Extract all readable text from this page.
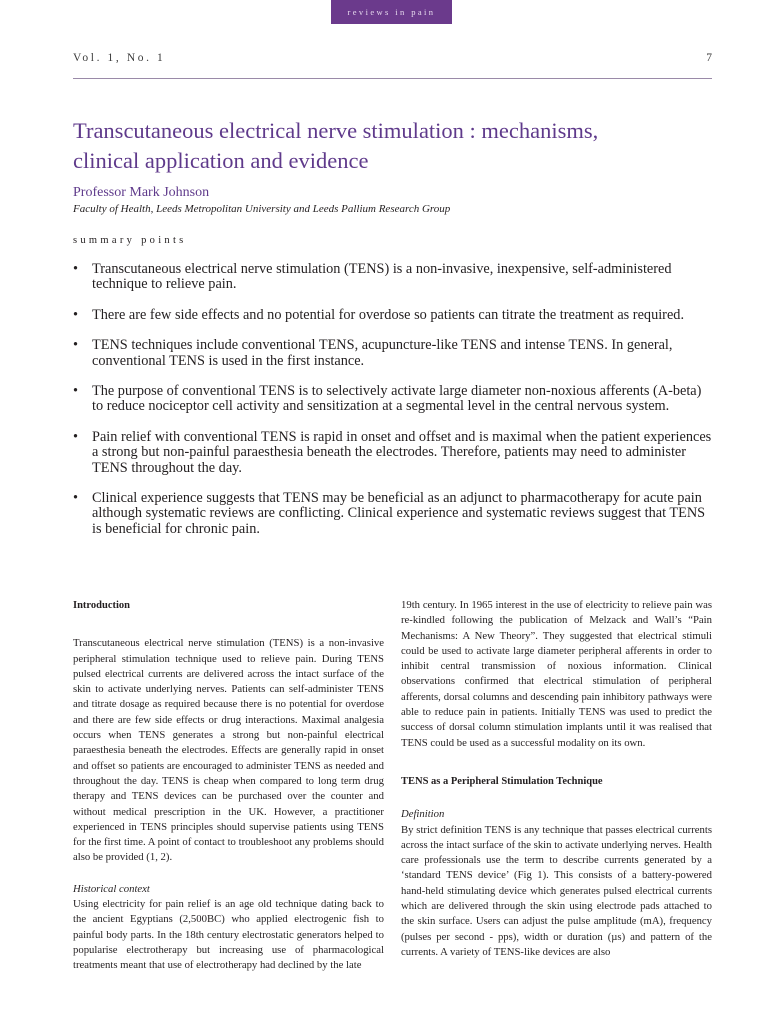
reviews in pain
Vol. 1, No. 1	7
Transcutaneous electrical nerve stimulation : mechanisms,
clinical application and evidence
Professor Mark Johnson
Faculty of Health, Leeds Metropolitan University and Leeds Pallium Research Group
summary points
• Transcutaneous electrical nerve stimulation (TENS) is a non-invasive, inexpensive, self-administered technique to relieve pain.
• There are few side effects and no potential for overdose so patients can titrate the treatment as required.
• TENS techniques include conventional TENS, acupuncture-like TENS and intense TENS. In general, conventional TENS is used in the first instance.
• The purpose of conventional TENS is to selectively activate large diameter non-noxious afferents (A-beta) to reduce nociceptor cell activity and sensitization at a segmental level in the central nervous system.
• Pain relief with conventional TENS is rapid in onset and offset and is maximal when the patient experiences a strong but non-painful paraesthesia beneath the electrodes. Therefore, patients may need to administer TENS throughout the day.
• Clinical experience suggests that TENS may be beneficial as an adjunct to pharmacotherapy for acute pain although systematic reviews are conflicting. Clinical experience and systematic reviews suggest that TENS is beneficial for chronic pain.

Introduction

Transcutaneous electrical nerve stimulation (TENS) is a non-invasive peripheral stimulation technique used to relieve pain. During TENS pulsed electrical currents are delivered across the intact surface of the skin to activate underlying nerves. Patients can self-administer TENS and titrate dosage as required because there is no potential for overdose and there are few side effects or drug interactions. Maximal analgesia occurs when TENS generates a strong but non-painful electrical paraesthesia beneath the electrodes. Effects are generally rapid in onset and offset so patients are encouraged to administer TENS as needed and throughout the day. TENS is cheap when compared to long term drug therapy and TENS devices can be purchased over the counter and without medical prescription in the UK. However, a practitioner experienced in TENS principles should supervise patients using TENS for the first time. A point of contact to troubleshoot any problems should also be provided (1, 2).

Historical context

Using electricity for pain relief is an age old technique dating back to the ancient Egyptians (2,500BC) who applied electrogenic fish to painful body parts. In the 18th century electrostatic generators helped to popularise electrotherapy but increasing use of pharmacological treatments meant that use of electrotherapy had declined by the late

19th century. In 1965 interest in the use of electricity to relieve pain was re-kindled following the publication of Melzack and Wall’s “Pain Mechanisms: A New Theory”. They suggested that electrical stimuli could be used to activate large diameter peripheral afferents in order to inhibit central transmission of noxious information. Clinical observations confirmed that electrical stimulation of peripheral afferents, dorsal columns and descending pain inhibitory pathways were able to reduce pain in patients. Initially TENS was used to predict the success of dorsal column stimulation implants until it was realised that TENS could be used as a successful modality on its own.

TENS as a Peripheral Stimulation Technique

Definition

By strict definition TENS is any technique that passes electrical currents across the intact surface of the skin to activate underlying nerves. Health care professionals use the term to describe currents generated by a ‘standard TENS device’ (Fig 1). This consists of a battery-powered hand-held stimulating device which generates pulsed electrical currents which are delivered through the skin using electrode pads attached to the skin surface. Users can adjust the pulse amplitude (mA), frequency (pulses per second - pps), width or duration (µs) and pattern of the currents. A variety of TENS-like devices are also
